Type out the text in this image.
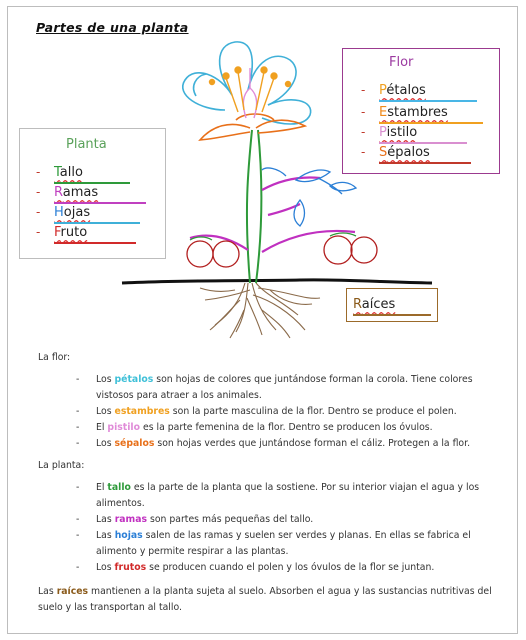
Partes de una planta
Flor
- Pétalos
- Estambres
- Pistilo
- Sépalos
Planta
- Tallo
- Ramas
- Hojas
- Fruto
Raíces

La flor:

- Los pétalos son hojas de colores que juntándose forman la corola. Tiene colores vistosos para atraer a los animales.
- Los estambres son la parte masculina de la flor. Dentro se produce el polen.
- El pistilo es la parte femenina de la flor. Dentro se producen los óvulos.
- Los sépalos son hojas verdes que juntándose forman el cáliz. Protegen a la flor.

La planta:

- El tallo es la parte de la planta que la sostiene. Por su interior viajan el agua y los alimentos.
- Las ramas son partes más pequeñas del tallo.
- Las hojas salen de las ramas y suelen ser verdes y planas. En ellas se fabrica el alimento y permite respirar a las plantas.
- Los frutos se producen cuando el polen y los óvulos de la flor se juntan.

Las raíces mantienen a la planta sujeta al suelo. Absorben el agua y las sustancias nutritivas del suelo y las transportan al tallo.
